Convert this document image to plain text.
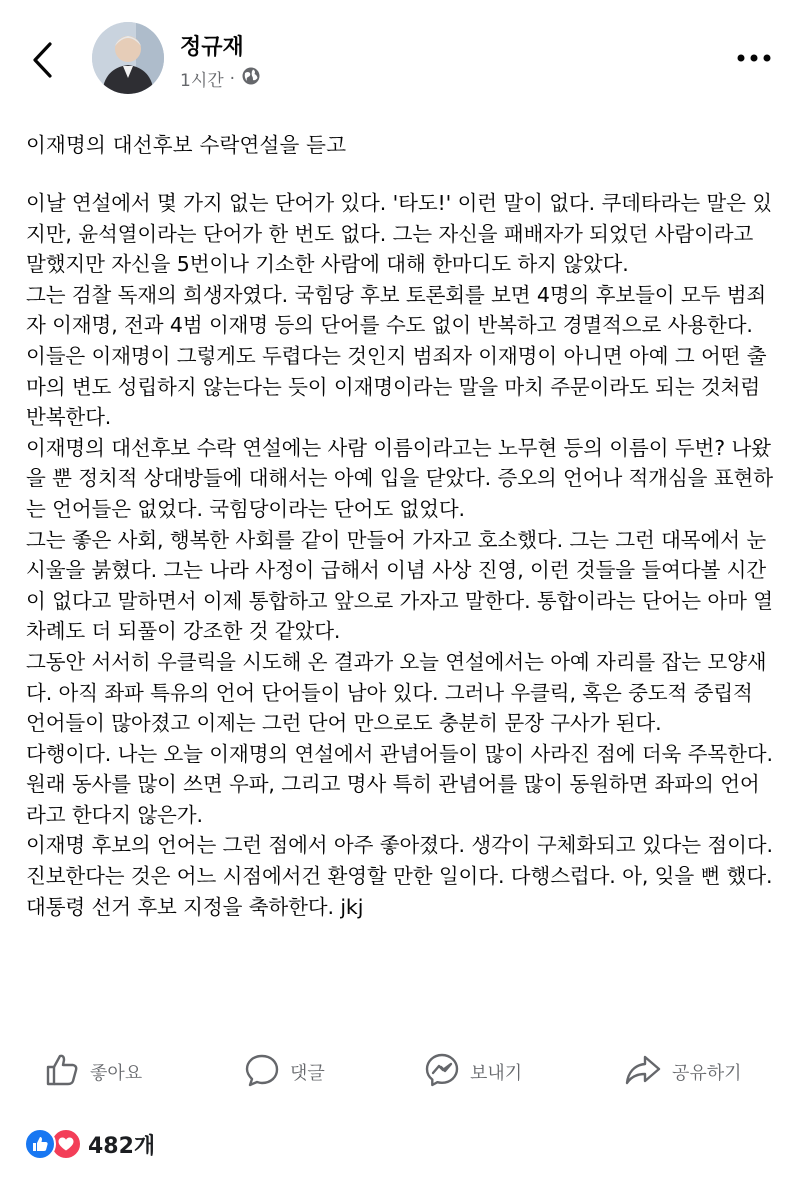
정규재
1시간 ·
이재명의 대선후보 수락연설을 듣고

이날 연설에서 몇 가지 없는 단어가 있다. '타도!' 이런 말이 없다. 쿠데타라는 말은 있지만, 윤석열이라는 단어가 한 번도 없다. 그는 자신을 패배자가 되었던 사람이라고 말했지만 자신을 5번이나 기소한 사람에 대해 한마디도 하지 않았다.

그는 검찰 독재의 희생자였다. 국힘당 후보 토론회를 보면 4명의 후보들이 모두 범죄자 이재명, 전과 4범 이재명 등의 단어를 수도 없이 반복하고 경멸적으로 사용한다. 이들은 이재명이 그렇게도 두렵다는 것인지 범죄자 이재명이 아니면 아예 그 어떤 출마의 변도 성립하지 않는다는 듯이 이재명이라는 말을 마치 주문이라도 되는 것처럼 반복한다.

이재명의 대선후보 수락 연설에는 사람 이름이라고는 노무현 등의 이름이 두번? 나왔을 뿐 정치적 상대방들에 대해서는 아예 입을 닫았다. 증오의 언어나 적개심을 표현하는 언어들은 없었다. 국힘당이라는 단어도 없었다.

그는 좋은 사회, 행복한 사회를 같이 만들어 가자고 호소했다. 그는 그런 대목에서 눈시울을 붉혔다. 그는 나라 사정이 급해서 이념 사상 진영, 이런 것들을 들여다볼 시간이 없다고 말하면서 이제 통합하고 앞으로 가자고 말한다. 통합이라는 단어는 아마 열 차례도 더 되풀이 강조한 것 같았다.

그동안 서서히 우클릭을 시도해 온 결과가 오늘 연설에서는 아예 자리를 잡는 모양새다. 아직 좌파 특유의 언어 단어들이 남아 있다. 그러나 우클릭, 혹은 중도적 중립적 언어들이 많아졌고 이제는 그런 단어 만으로도 충분히 문장 구사가 된다.

다행이다. 나는 오늘 이재명의 연설에서 관념어들이 많이 사라진 점에 더욱 주목한다. 원래 동사를 많이 쓰면 우파, 그리고 명사 특히 관념어를 많이 동원하면 좌파의 언어라고 한다지 않은가.

이재명 후보의 언어는 그런 점에서 아주 좋아졌다. 생각이 구체화되고 있다는 점이다. 진보한다는 것은 어느 시점에서건 환영할 만한 일이다. 다행스럽다. 아, 잊을 뻔 했다. 대통령 선거 후보 지정을 축하한다. jkj

좋아요	댓글	보내기	공유하기
482개
